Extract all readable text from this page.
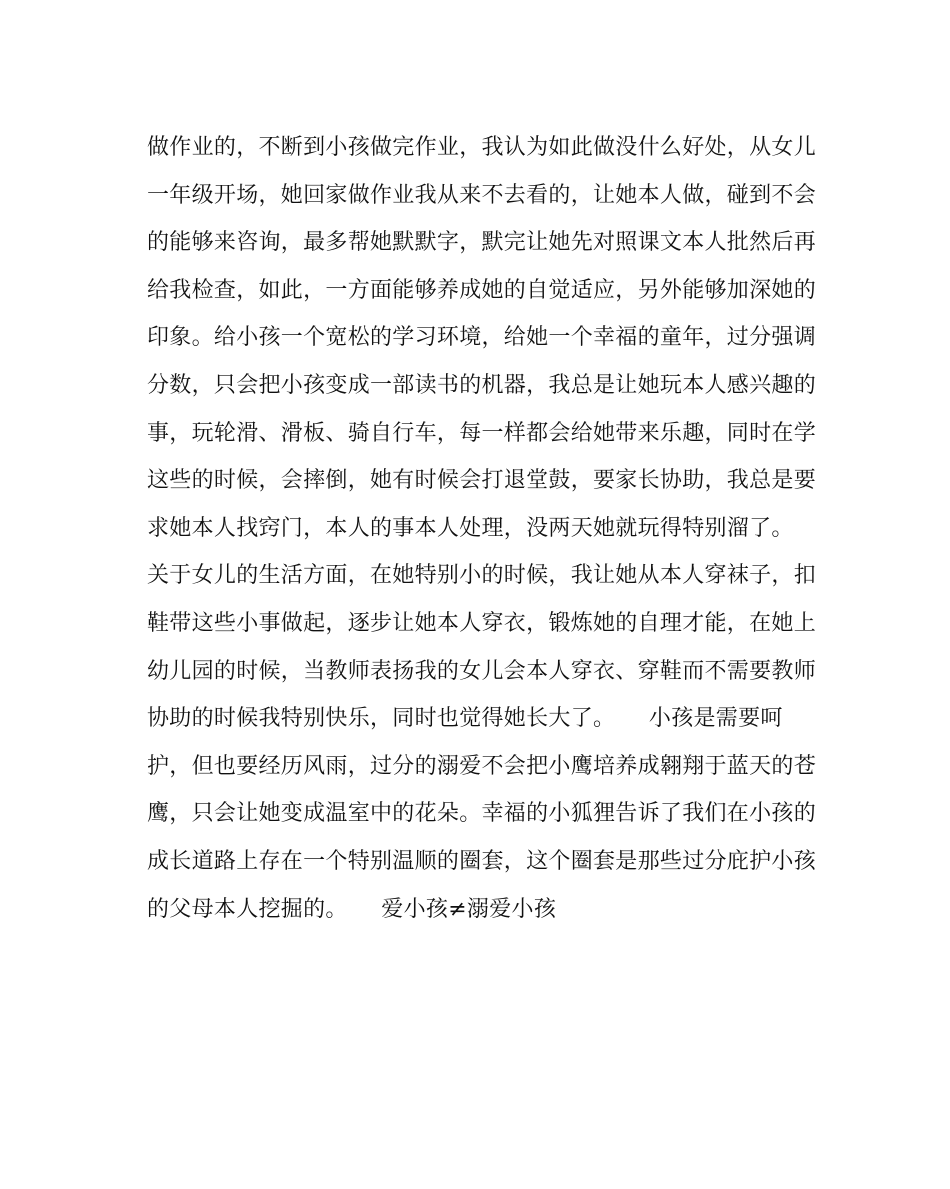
做作业的，不断到小孩做完作业，我认为如此做没什么好处，从女儿
一年级开场，她回家做作业我从来不去看的，让她本人做，碰到不会
的能够来咨询，最多帮她默默字，默完让她先对照课文本人批然后再
给我检查，如此，一方面能够养成她的自觉适应，另外能够加深她的
印象。给小孩一个宽松的学习环境，给她一个幸福的童年，过分强调
分数，只会把小孩变成一部读书的机器，我总是让她玩本人感兴趣的
事，玩轮滑、滑板、骑自行车，每一样都会给她带来乐趣，同时在学
这些的时候，会摔倒，她有时候会打退堂鼓，要家长协助，我总是要
求她本人找窍门，本人的事本人处理，没两天她就玩得特别溜了。
关于女儿的生活方面，在她特别小的时候，我让她从本人穿袜子，扣
鞋带这些小事做起，逐步让她本人穿衣，锻炼她的自理才能，在她上
幼儿园的时候，当教师表扬我的女儿会本人穿衣、穿鞋而不需要教师
协助的时候我特别快乐，同时也觉得她长大了。　　小孩是需要呵
护，但也要经历风雨，过分的溺爱不会把小鹰培养成翱翔于蓝天的苍
鹰，只会让她变成温室中的花朵。幸福的小狐狸告诉了我们在小孩的
成长道路上存在一个特别温顺的圈套，这个圈套是那些过分庇护小孩
的父母本人挖掘的。　　爱小孩≠溺爱小孩
